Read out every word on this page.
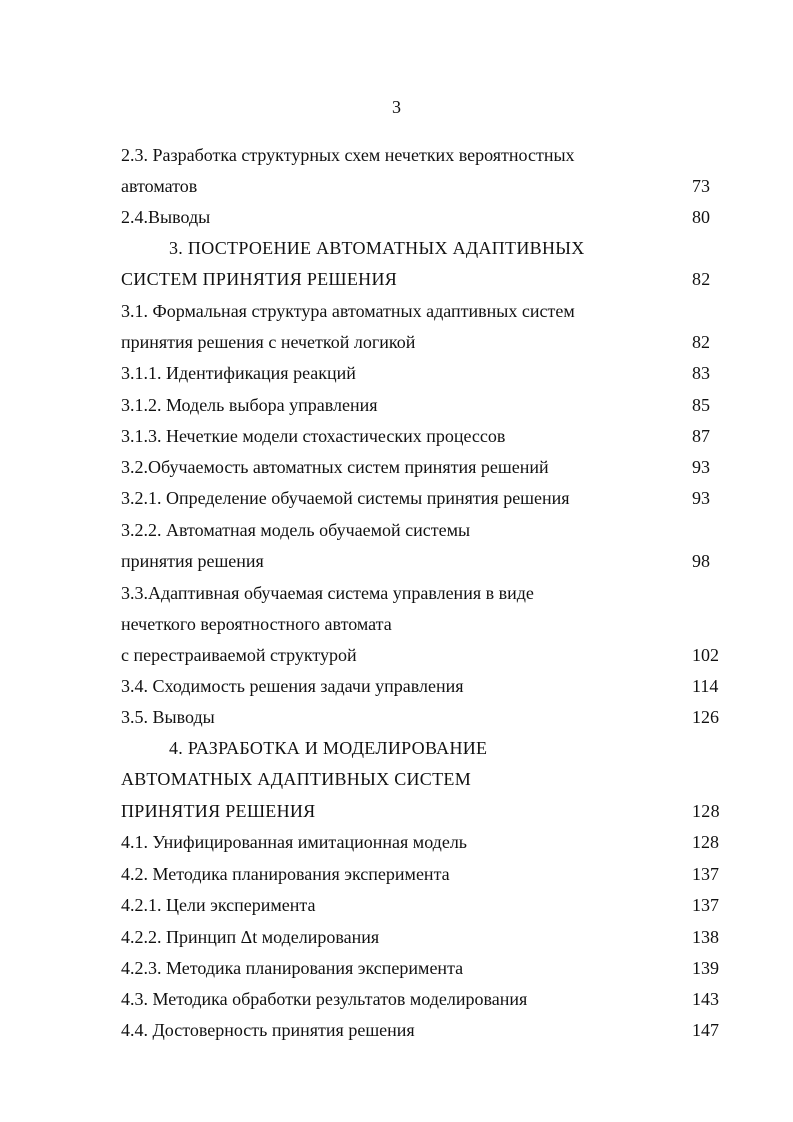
3
2.3. Разработка структурных схем нечетких вероятностных
автоматов	73
2.4.Выводы	80
3. ПОСТРОЕНИЕ АВТОМАТНЫХ АДАПТИВНЫХ
СИСТЕМ ПРИНЯТИЯ РЕШЕНИЯ	82
3.1. Формальная структура автоматных адаптивных систем
принятия решения с нечеткой логикой	82
3.1.1. Идентификация реакций	83
3.1.2. Модель выбора управления	85
3.1.3. Нечеткие модели стохастических процессов	87
3.2.Обучаемость автоматных систем принятия решений	93
3.2.1. Определение обучаемой системы принятия решения	93
3.2.2. Автоматная модель обучаемой системы
принятия решения	98
3.3.Адаптивная обучаемая система управления в виде
нечеткого вероятностного автомата
с перестраиваемой структурой	102
3.4. Сходимость решения задачи управления	114
3.5. Выводы	126
4. РАЗРАБОТКА И МОДЕЛИРОВАНИЕ
АВТОМАТНЫХ АДАПТИВНЫХ СИСТЕМ
ПРИНЯТИЯ РЕШЕНИЯ	128
4.1. Унифицированная имитационная модель	128
4.2. Методика планирования эксперимента	137
4.2.1. Цели эксперимента	137
4.2.2. Принцип Δt моделирования	138
4.2.3. Методика планирования эксперимента	139
4.3. Методика обработки результатов моделирования	143
4.4. Достоверность принятия решения	147
